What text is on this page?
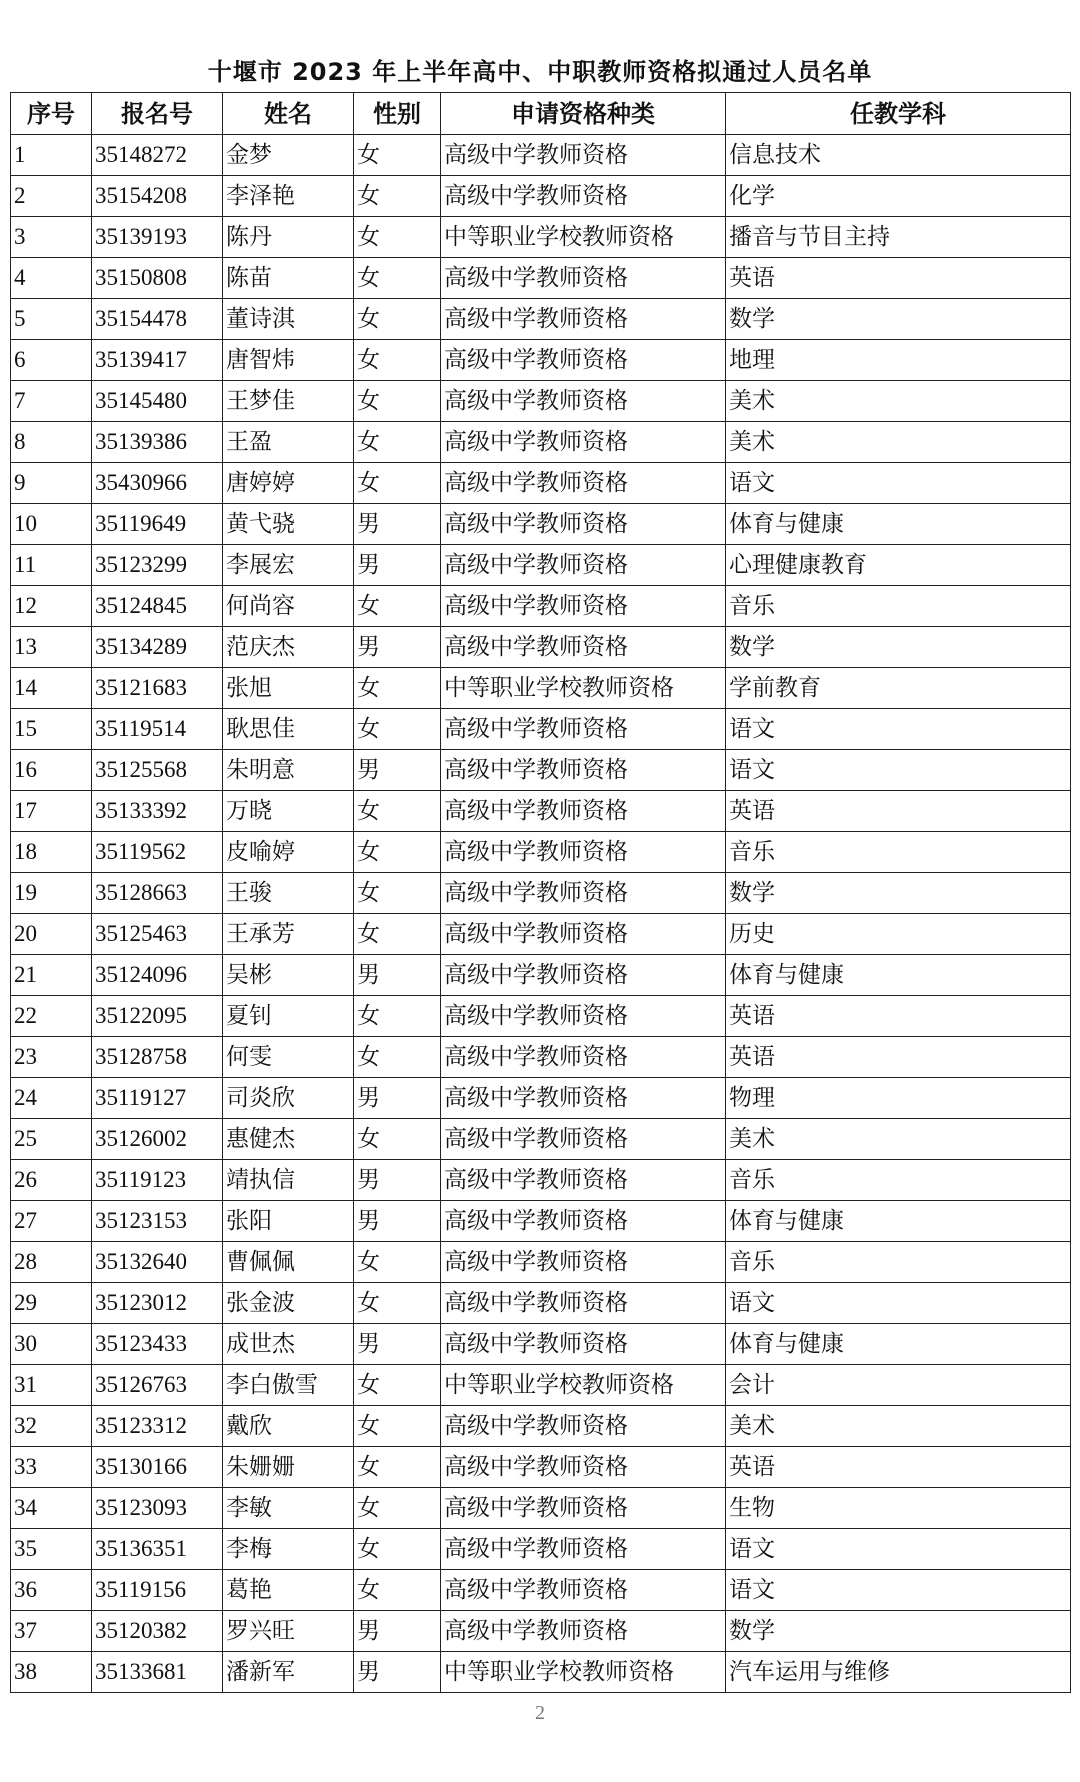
十堰市 2023 年上半年高中、中职教师资格拟通过人员名单
序号	报名号	姓名	性别	申请资格种类	任教学科
1	35148272	金梦	女	高级中学教师资格	信息技术
2	35154208	李泽艳	女	高级中学教师资格	化学
3	35139193	陈丹	女	中等职业学校教师资格	播音与节目主持
4	35150808	陈苗	女	高级中学教师资格	英语
5	35154478	董诗淇	女	高级中学教师资格	数学
6	35139417	唐智炜	女	高级中学教师资格	地理
7	35145480	王梦佳	女	高级中学教师资格	美术
8	35139386	王盈	女	高级中学教师资格	美术
9	35430966	唐婷婷	女	高级中学教师资格	语文
10	35119649	黄弋骁	男	高级中学教师资格	体育与健康
11	35123299	李展宏	男	高级中学教师资格	心理健康教育
12	35124845	何尚容	女	高级中学教师资格	音乐
13	35134289	范庆杰	男	高级中学教师资格	数学
14	35121683	张旭	女	中等职业学校教师资格	学前教育
15	35119514	耿思佳	女	高级中学教师资格	语文
16	35125568	朱明意	男	高级中学教师资格	语文
17	35133392	万晓	女	高级中学教师资格	英语
18	35119562	皮喻婷	女	高级中学教师资格	音乐
19	35128663	王骏	女	高级中学教师资格	数学
20	35125463	王承芳	女	高级中学教师资格	历史
21	35124096	吴彬	男	高级中学教师资格	体育与健康
22	35122095	夏钊	女	高级中学教师资格	英语
23	35128758	何雯	女	高级中学教师资格	英语
24	35119127	司炎欣	男	高级中学教师资格	物理
25	35126002	惠健杰	女	高级中学教师资格	美术
26	35119123	靖执信	男	高级中学教师资格	音乐
27	35123153	张阳	男	高级中学教师资格	体育与健康
28	35132640	曹佩佩	女	高级中学教师资格	音乐
29	35123012	张金波	女	高级中学教师资格	语文
30	35123433	成世杰	男	高级中学教师资格	体育与健康
31	35126763	李白傲雪	女	中等职业学校教师资格	会计
32	35123312	戴欣	女	高级中学教师资格	美术
33	35130166	朱姗姗	女	高级中学教师资格	英语
34	35123093	李敏	女	高级中学教师资格	生物
35	35136351	李梅	女	高级中学教师资格	语文
36	35119156	葛艳	女	高级中学教师资格	语文
37	35120382	罗兴旺	男	高级中学教师资格	数学
38	35133681	潘新军	男	中等职业学校教师资格	汽车运用与维修
2
